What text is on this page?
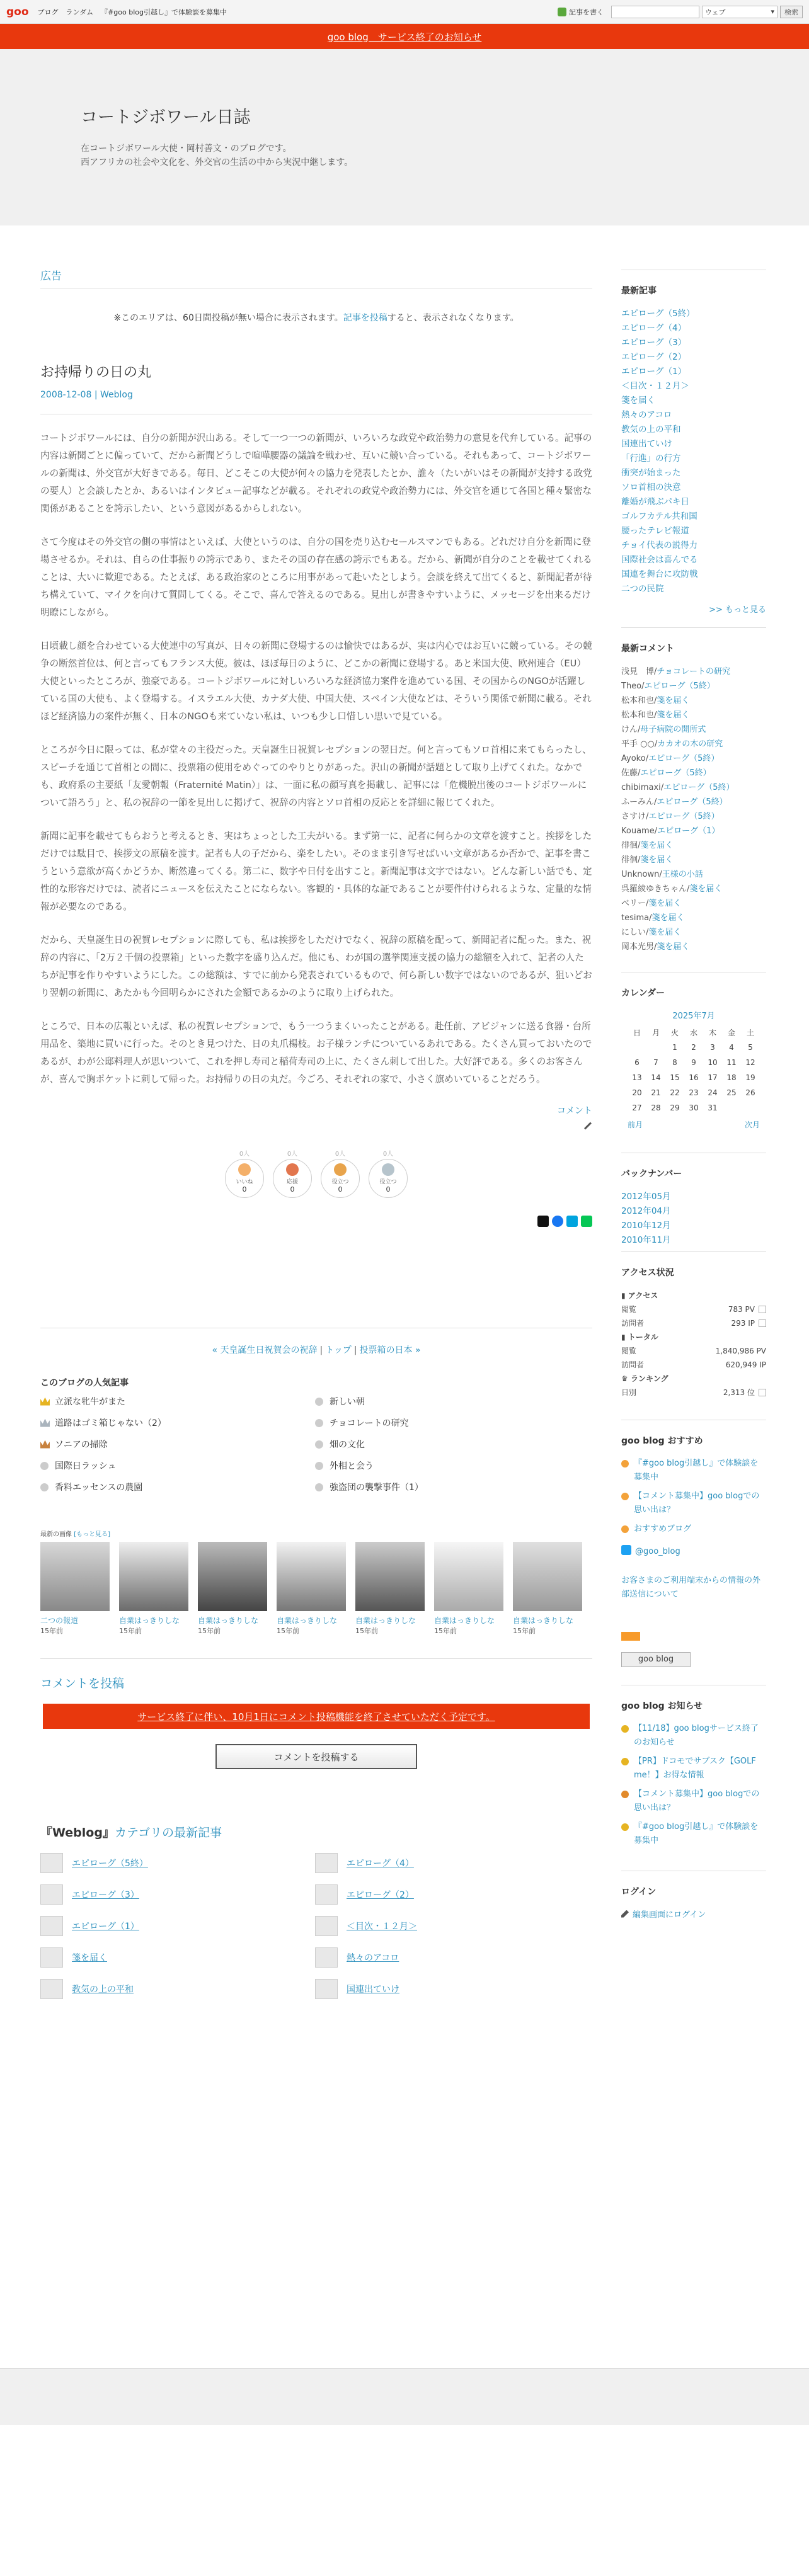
goo ブログ ランダム 『#goo blog引越し』で体験談を募集中	記事を書く	ウェブ	▾	検索
goo blog　サービス終了のお知らせ
コートジボワール日誌

在コートジボワール大使・岡村善文・のブログです。

西アフリカの社会や文化を、外交官の生活の中から実況中継します。

広告

※このエリアは、60日間投稿が無い場合に表示されます。記事を投稿すると、表示されなくなります。

お持帰りの日の丸
2008-12-08 | Weblog

コートジボワールには、自分の新聞が沢山ある。そして一つ一つの新聞が、いろいろな政党や政治勢力の意見を代弁している。記事の内容は新聞ごとに偏っていて、だから新聞どうしで喧嘩腰器の議論を戦わせ、互いに競い合っている。それもあって、コートジボワールの新聞は、外交官が大好きである。毎日、どこそこの大使が何々の協力を発表したとか、誰々（たいがいはその新聞が支持する政党の要人）と会談したとか、あるいはインタビュー記事などが載る。それぞれの政党や政治勢力には、外交官を通じて各国と種々緊密な関係があることを誇示したい、という意図があるからしれない。

さて今度はその外交官の側の事情はといえば、大使というのは、自分の国を売り込むセールスマンでもある。どれだけ自分を新聞に登場させるか。それは、自らの仕事振りの誇示であり、またその国の存在感の誇示でもある。だから、新聞が自分のことを載せてくれることは、大いに歓迎である。たとえば、ある政治家のところに用事があって赴いたとしよう。会談を終えて出てくると、新聞記者が待ち構えていて、マイクを向けて質問してくる。そこで、喜んで答えるのである。見出しが書きやすいように、メッセージを出来るだけ明瞭にしながら。

日頃載し顔を合わせている大使連中の写真が、日々の新聞に登場するのは愉快ではあるが、実は内心ではお互いに競っている。その競争の断然首位は、何と言ってもフランス大使。彼は、ほぼ毎日のように、どこかの新聞に登場する。あと米国大使、欧州連合（EU）大使といったところが、強豪である。コートジボワールに対しいろいろな経済協力案件を進めている国、その国からのNGOが活躍している国の大使も、よく登場する。イスラエル大使、カナダ大使、中国大使、スペイン大使などは、そういう関係で新聞に載る。それほど経済協力の案件が無く、日本のNGOも来ていない私は、いつも少し口惜しい思いで見ている。

ところが今日に限っては、私が堂々の主役だった。天皇誕生日祝賀レセプションの翌日だ。何と言ってもソロ首相に来てもらったし、スピーチを通じて首相との間に、投票箱の使用をめぐってのやりとりがあった。沢山の新聞が話題として取り上げてくれた。なかでも、政府系の主要紙「友愛朝報（Fraternité Matin）」は、一面に私の顔写真を掲載し、記事には「危機脱出後のコートジボワールについて語ろう」と、私の祝辞の一節を見出しに掲げて、祝辞の内容とソロ首相の反応とを詳細に報じてくれた。

新聞に記事を載せてもらおうと考えるとき、実はちょっとした工夫がいる。まず第一に、記者に何らかの文章を渡すこと。挨拶をしただけでは駄目で、挨拶文の原稿を渡す。記者も人の子だから、楽をしたい。そのまま引き写せばいい文章があるか否かで、記事を書こうという意欲が高くかどうか、断然違ってくる。第二に、数字や日付を出すこと。新聞記事は文字ではない。どんな新しい話でも、定性的な形容だけでは、読者にニュースを伝えたことにならない。客観的・具体的な証であることが要件付けられるような、定量的な情報が必要なのである。

だから、天皇誕生日の祝賀レセプションに際しても、私は挨拶をしただけでなく、祝辞の原稿を配って、新聞記者に配った。また、祝辞の内容に、「2万２千個の投票箱」といった数字を盛り込んだ。他にも、わが国の選挙関連支援の協力の総額を入れて、記者の人たちが記事を作りやすいようにした。この総額は、すでに前から発表されているもので、何ら新しい数字ではないのであるが、狙いどおり翌朝の新聞に、あたかも今回明らかにされた金額であるかのように取り上げられた。

ところで、日本の広報といえば、私の祝賀レセプションで、もう一つうまくいったことがある。赴任前、アビジャンに送る食器・台所用品を、築地に買いに行った。そのとき見つけた、日の丸爪楊枝。お子様ランチについているあれである。たくさん買っておいたのであるが、わが公邸料理人が思いついて、これを押し寿司と稲荷寿司の上に、たくさん刺して出した。大好評である。多くのお客さんが、喜んで胸ポケットに刺して帰った。お持帰りの日の丸だ。今ごろ、それぞれの家で、小さく旗めいていることだろう。

コメント
0人
いいね
0
0人
応援
0
0人
役立つ
0
0人
役立つ
0
« 天皇誕生日祝賀会の祝辞 | トップ | 投票箱の日本 »
このブログの人気記事
立派な牝牛がまた	新しい朝
道路はゴミ箱じゃない（2）	チョコレートの研究
ソニアの掃除	畑の文化
国際日ラッシュ	外相と会う
香料エッセンスの農園	強盗団の襲撃事件（1）
最新の画像 [もっと見る]
二つの報道
15年前
自業はっきりしな
15年前
自業はっきりしな
15年前
自業はっきりしな
15年前
自業はっきりしな
15年前
自業はっきりしな
15年前
自業はっきりしな
15年前
コメントを投稿
サービス終了に伴い、10月1日にコメント投稿機能を終了させていただく予定です。
コメントを投稿する
『Weblog』カテゴリの最新記事
エピローグ（5終）	エピローグ（4）
エピローグ（3）	エピローグ（2）
エピローグ（1）	＜目次・１２月＞
箋を届く	熱々のアコロ
教気の上の平和	国連出ていけ
最新記事
エピローグ（5終）
エピローグ（4）
エピローグ（3）
エピローグ（2）
エピローグ（1）
＜目次・１２月＞
箋を届く
熱々のアコロ
教気の上の平和
国連出ていけ
「行進」の行方
衝突が始まった
ソロ首相の決意
離婚が飛ぶパキ日
ゴルフカテル共和国
腰ったテレビ報道
チョイ代表の説得力
国際社会は喜んでる
国連を舞台に攻防戦
二つの民院
>> もっと見る
最新コメント
浅見　博/チョコレートの研究
Theo/エピローグ（5終）
松本和也/箋を届く
松本和也/箋を届く
けん/母子病院の開所式
平手 ○○/カカオの木の研究
Ayoko/エピローグ（5終）
佐藤/エピローグ（5終）
chibimaxi/エピローグ（5終）
ふーみん/エピローグ（5終）
さすけ/エピローグ（5終）
Kouame/エピローグ（1）
徘徊/箋を届く
徘徊/箋を届く
Unknown/王様の小話
呉羅綾ゆきちゃん/箋を届く
ベリー/箋を届く
tesima/箋を届く
にしい/箋を届く
岡本光男/箋を届く
カレンダー
2025年7月
日	月	火	水	木	金	土
		1	2	3	4	5
6	7	8	9	10	11	12
13	14	15	16	17	18	19
20	21	22	23	24	25	26
27	28	29	30	31		
前月	次月
バックナンバー
2012年05月
2012年04月
2010年12月
2010年11月
アクセス状況
▮
アクセス
閲覧	783 PV
訪問者	293 IP
▮
トータル
閲覧	1,840,986 PV
訪問者	620,949 IP
♛
ランキング
日別	2,313 位
goo blog おすすめ
『#goo blog引越し』で体験談を募集中
【コメント募集中】goo blogでの思い出は？
おすすめブログ
@goo_blog
お客さまのご利用端末からの情報の外部送信について
goo blog
goo blog お知らせ
【11/18】goo blogサービス終了のお知らせ
【PR】ドコモでサブスク【GOLF me！】お得な情報
【コメント募集中】goo blogでの思い出は？
『#goo blog引越し』で体験談を募集中
ログイン
編集画面にログイン
